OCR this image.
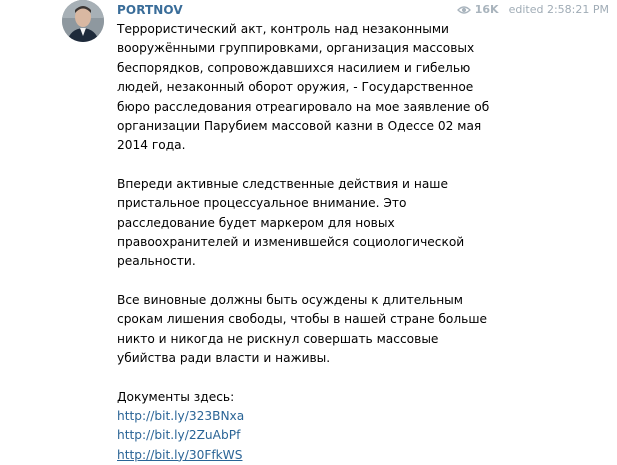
PORTNOV	16K edited 2:58:21 PM
Террористический акт, контроль над незаконными
вооружёнными группировками, организация массовых
беспорядков, сопровождавшихся насилием и гибелью
людей, незаконный оборот оружия, - Государственное
бюро расследования отреагировало на мое заявление об
организации Парубием массовой казни в Одессе 02 мая
2014 года.
Впереди активные следственные действия и наше
пристальное процессуальное внимание. Это
расследование будет маркером для новых
правоохранителей и изменившейся социологической
реальности.
Все виновные должны быть осуждены к длительным
срокам лишения свободы, чтобы в нашей стране больше
никто и никогда не рискнул совершать массовые
убийства ради власти и наживы.
Документы здесь:
http://bit.ly/323BNxa
http://bit.ly/2ZuAbPf
http://bit.ly/30FfkWS
